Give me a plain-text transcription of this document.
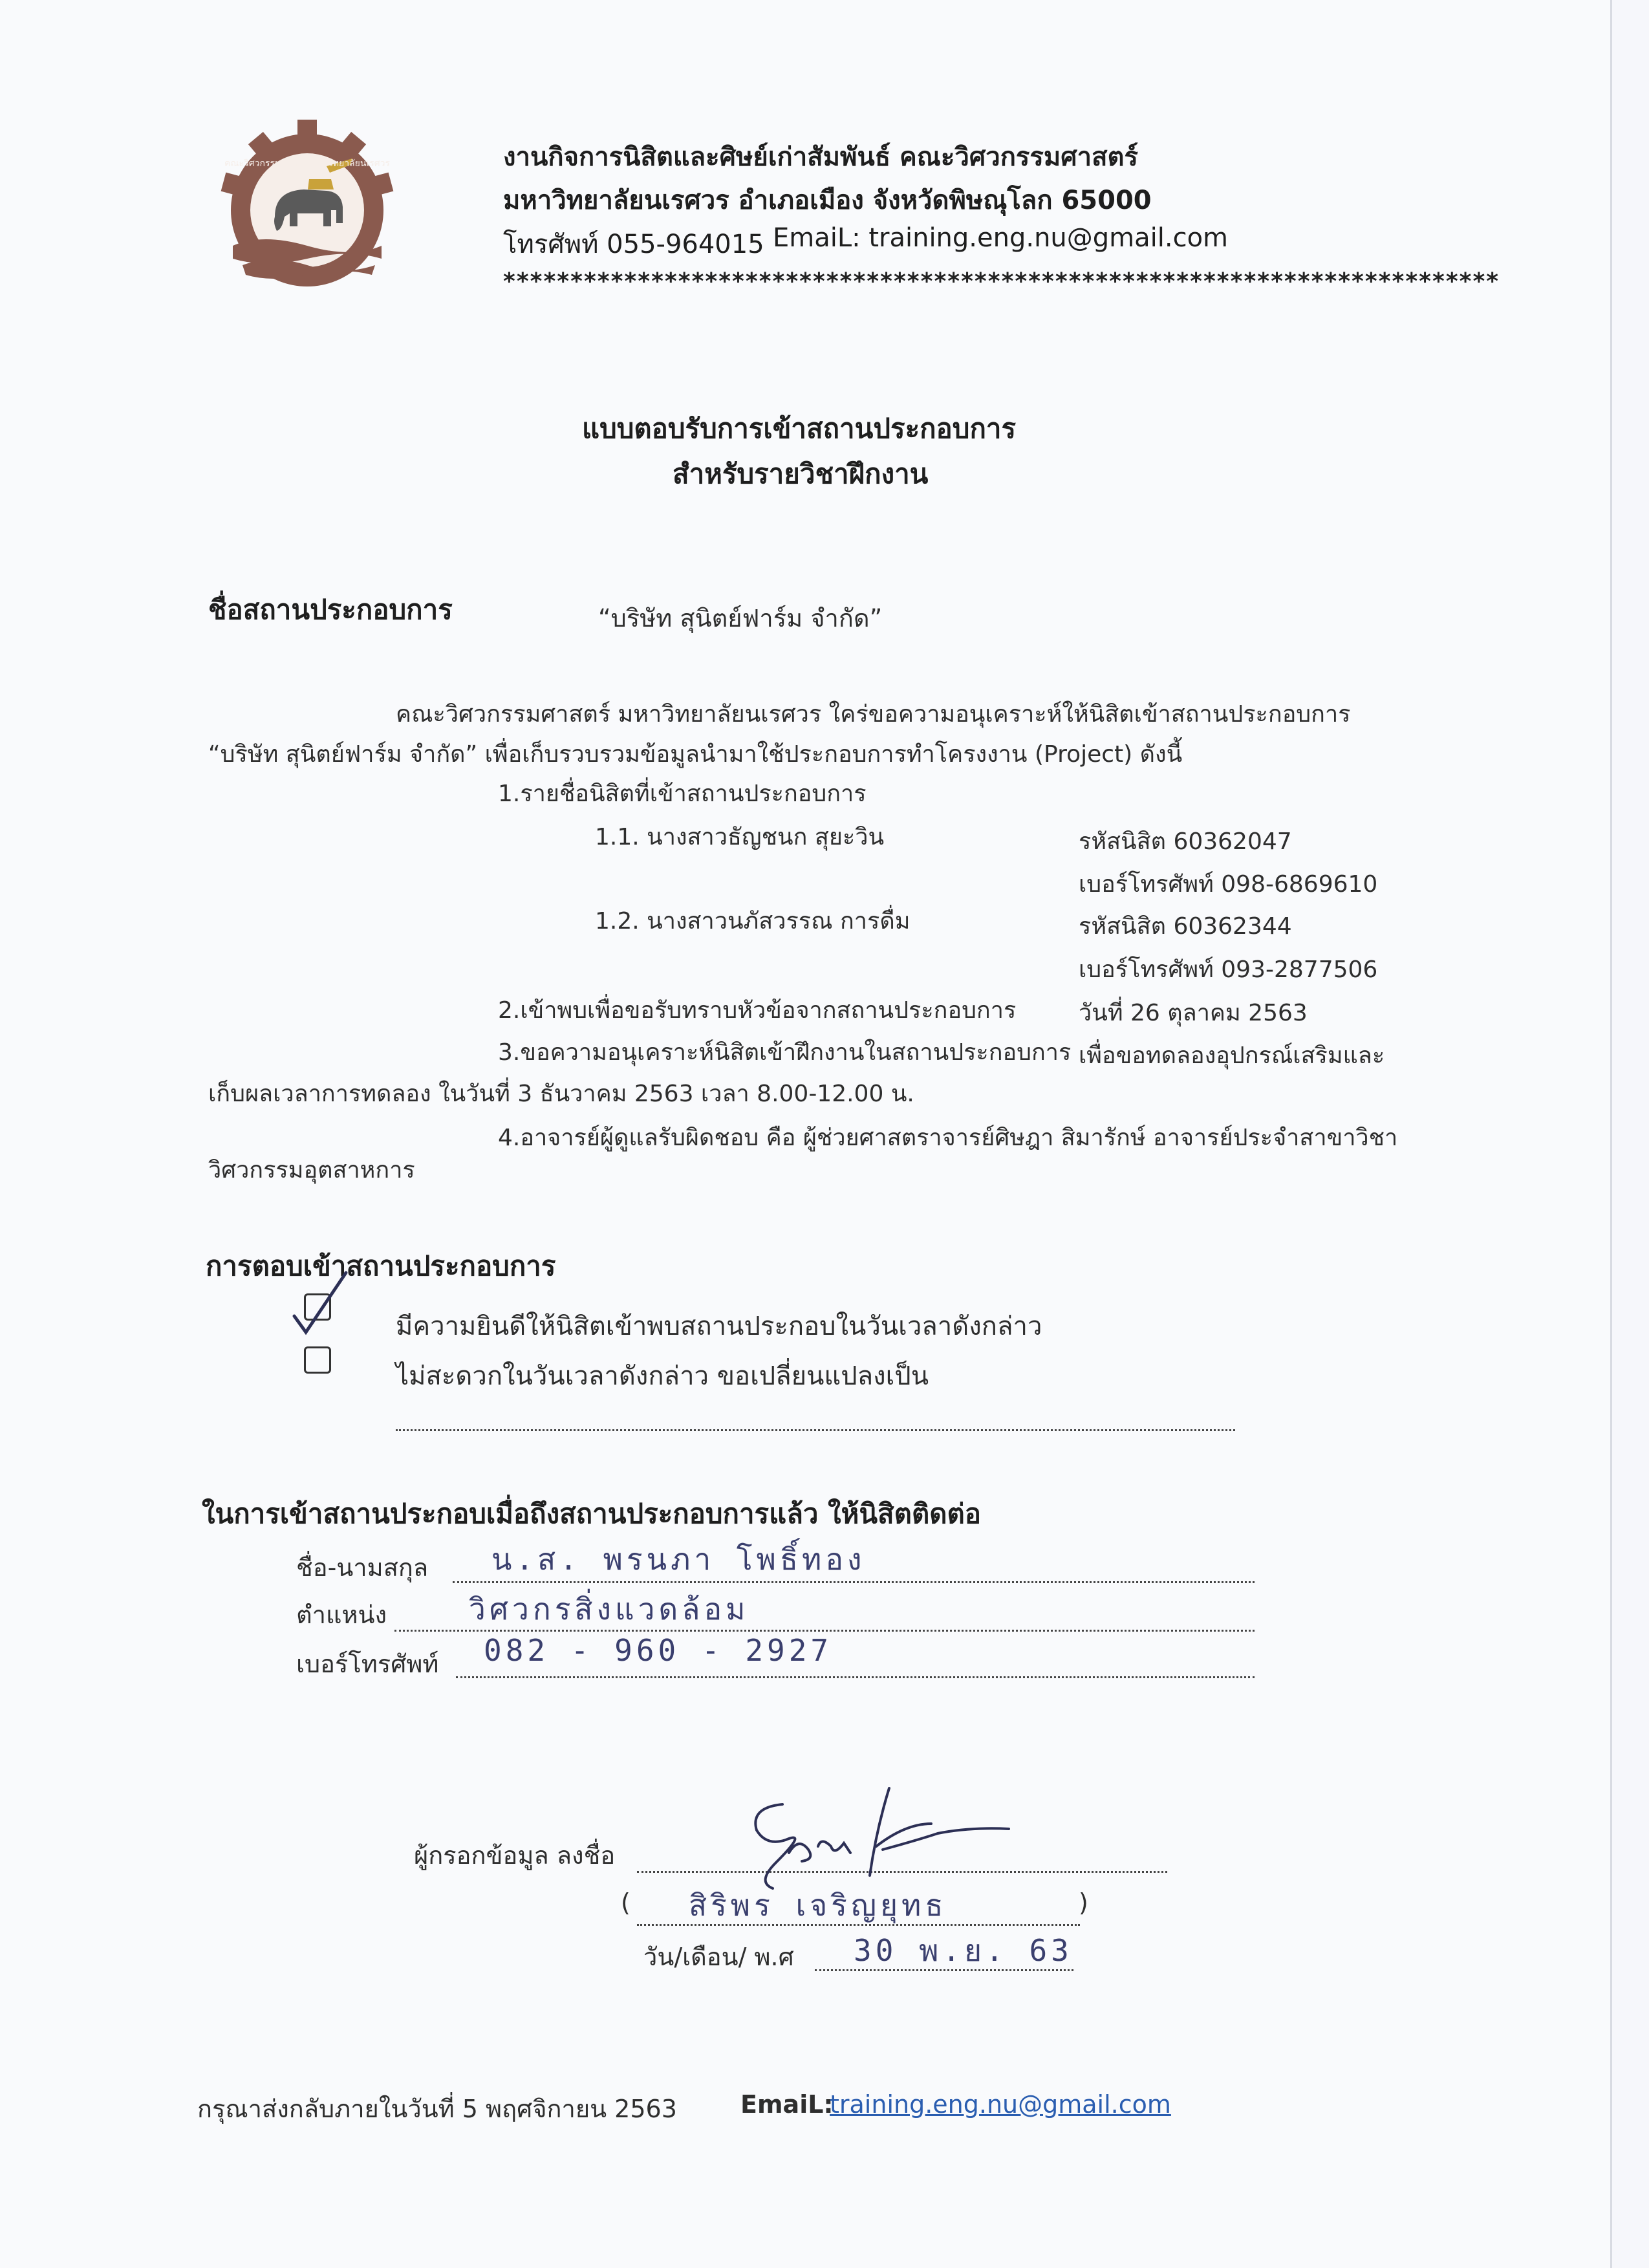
คณะวิศวกรรมศาสตร์ มหาวิทยาลัยนเรศวร	งานกิจการนิสิตและศิษย์เก่าสัมพันธ์ คณะวิศวกรรมศาสตร์
มหาวิทยาลัยนเรศวร อำเภอเมือง จังหวัดพิษณุโลก 65000
โทรศัพท์ 055-964015 EmaiL: training.eng.nu@gmail.com
**************************************************************************
แบบตอบรับการเข้าสถานประกอบการ
สำหรับรายวิชาฝึกงาน
ชื่อสถานประกอบการ	“บริษัท สุนิตย์ฟาร์ม จำกัด”
คณะวิศวกรรมศาสตร์ มหาวิทยาลัยนเรศวร ใคร่ขอความอนุเคราะห์ให้นิสิตเข้าสถานประกอบการ
“บริษัท สุนิตย์ฟาร์ม จำกัด” เพื่อเก็บรวบรวมข้อมูลนำมาใช้ประกอบการทำโครงงาน (Project) ดังนี้
1.รายชื่อนิสิตที่เข้าสถานประกอบการ
1.1. นางสาวธัญชนก สุยะวิน	รหัสนิสิต 60362047
เบอร์โทรศัพท์ 098-6869610
1.2. นางสาวนภัสวรรณ การดื่ม	รหัสนิสิต 60362344
เบอร์โทรศัพท์ 093-2877506
2.เข้าพบเพื่อขอรับทราบหัวข้อจากสถานประกอบการ	วันที่ 26 ตุลาคม 2563
3.ขอความอนุเคราะห์นิสิตเข้าฝึกงานในสถานประกอบการ เพื่อขอทดลองอุปกรณ์เสริมและ
เก็บผลเวลาการทดลอง ในวันที่ 3 ธันวาคม 2563 เวลา 8.00-12.00 น.
4.อาจารย์ผู้ดูแลรับผิดชอบ คือ ผู้ช่วยศาสตราจารย์ศิษฎา สิมารักษ์ อาจารย์ประจำสาขาวิชา
วิศวกรรมอุตสาหการ
การตอบเข้าสถานประกอบการ
มีความยินดีให้นิสิตเข้าพบสถานประกอบในวันเวลาดังกล่าว
ไม่สะดวกในวันเวลาดังกล่าว ขอเปลี่ยนแปลงเป็น
ในการเข้าสถานประกอบเมื่อถึงสถานประกอบการแล้ว ให้นิสิตติดต่อ
ชื่อ-นามสกุล น.ส. พรนภา โพธิ์ทอง
ตำแหน่ง	วิศวกรสิ่งแวดล้อม
เบอร์โทรศัพท์ 082 - 960 - 2927
ผู้กรอกข้อมูล ลงชื่อ
( สิริพร เจริญยุทธ	)
วัน/เดือน/ พ.ศ 30 พ.ย. 63
กรุณาส่งกลับภายในวันที่ 5 พฤศจิกายน 2563	EmaiL:
training.eng.nu@gmail.com
